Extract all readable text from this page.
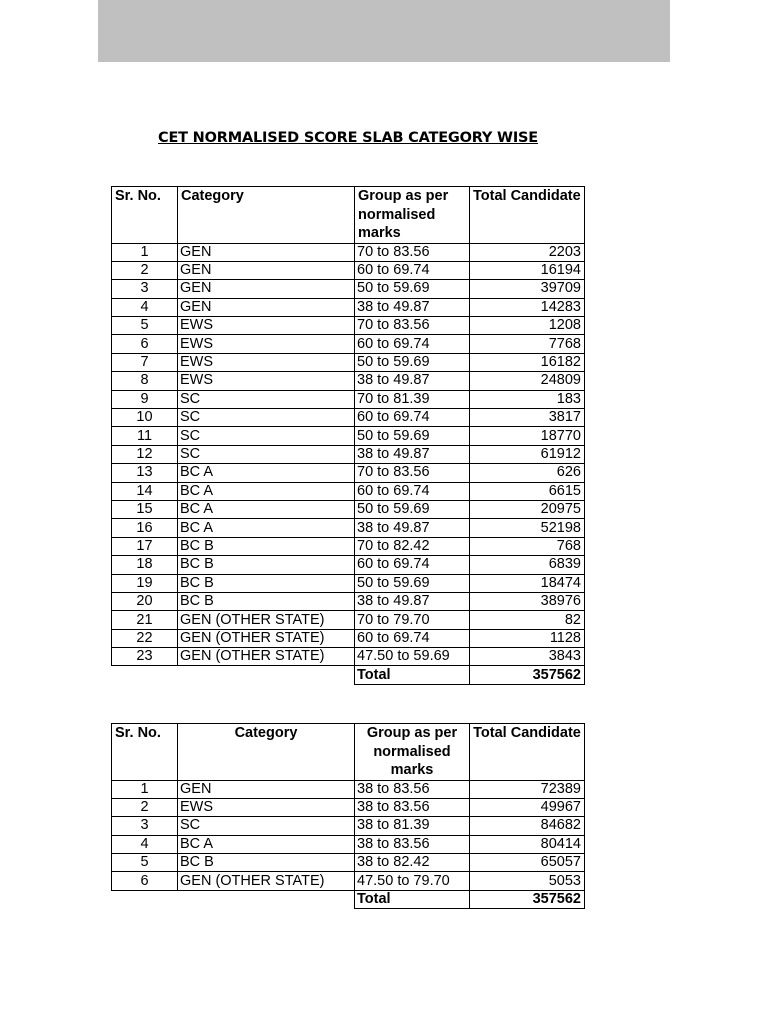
CET NORMALISED SCORE SLAB CATEGORY WISE
Sr. No.	Category	Group as per normalised marks	Total Candidate
1	GEN	70 to 83.56	2203
2	GEN	60 to 69.74	16194
3	GEN	50 to 59.69	39709
4	GEN	38 to 49.87	14283
5	EWS	70 to 83.56	1208
6	EWS	60 to 69.74	7768
7	EWS	50 to 59.69	16182
8	EWS	38 to 49.87	24809
9	SC	70 to 81.39	183
10	SC	60 to 69.74	3817
11	SC	50 to 59.69	18770
12	SC	38 to 49.87	61912
13	BC A	70 to 83.56	626
14	BC A	60 to 69.74	6615
15	BC A	50 to 59.69	20975
16	BC A	38 to 49.87	52198
17	BC B	70 to 82.42	768
18	BC B	60 to 69.74	6839
19	BC B	50 to 59.69	18474
20	BC B	38 to 49.87	38976
21	GEN (OTHER STATE)	70 to 79.70	82
22	GEN (OTHER STATE)	60 to 69.74	1128
23	GEN (OTHER STATE)	47.50 to 59.69	3843
		Total	357562
Sr. No.	Category	Group as per normalised marks	Total Candidate
1	GEN	38 to 83.56	72389
2	EWS	38 to 83.56	49967
3	SC	38 to 81.39	84682
4	BC A	38 to 83.56	80414
5	BC B	38 to 82.42	65057
6	GEN (OTHER STATE)	47.50 to 79.70	5053
		Total	357562
